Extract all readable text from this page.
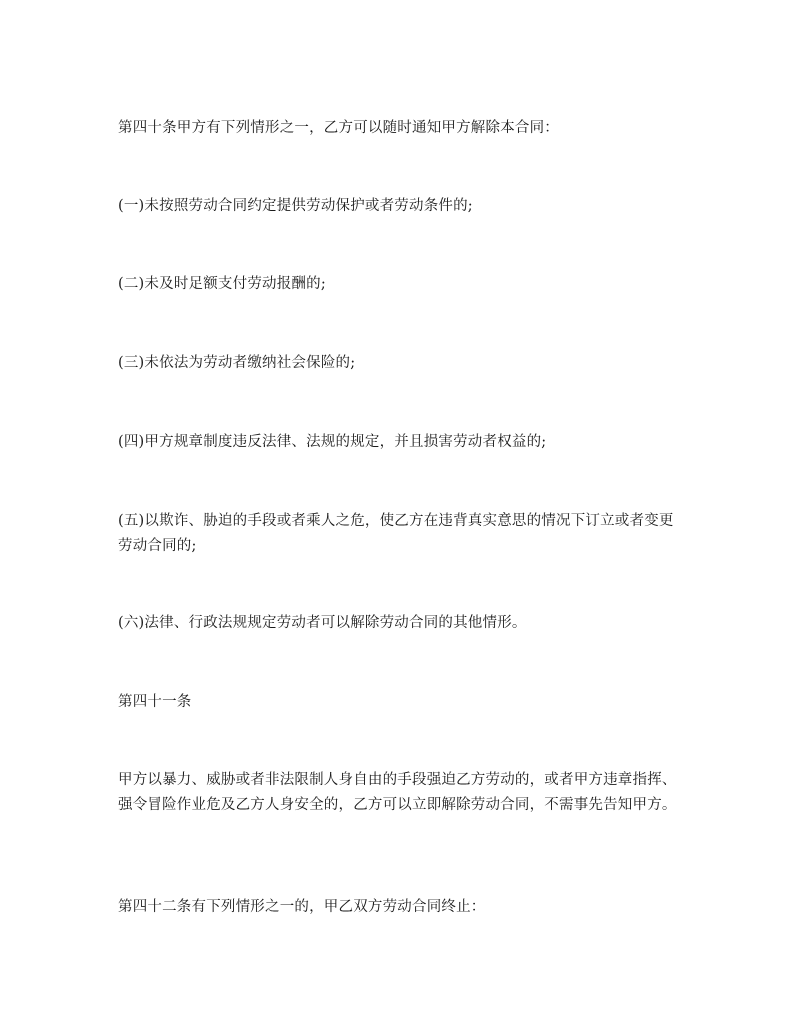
第四十条甲方有下列情形之一，乙方可以随时通知甲方解除本合同：

(一)未按照劳动合同约定提供劳动保护或者劳动条件的;

(二)未及时足额支付劳动报酬的;

(三)未依法为劳动者缴纳社会保险的;

(四)甲方规章制度违反法律、法规的规定，并且损害劳动者权益的;

(五)以欺诈、胁迫的手段或者乘人之危，使乙方在违背真实意思的情况下订立或者变更劳动合同的;

(六)法律、行政法规规定劳动者可以解除劳动合同的其他情形。

第四十一条

甲方以暴力、威胁或者非法限制人身自由的手段强迫乙方劳动的，或者甲方违章指挥、强令冒险作业危及乙方人身安全的，乙方可以立即解除劳动合同，不需事先告知甲方。

第四十二条有下列情形之一的，甲乙双方劳动合同终止：
